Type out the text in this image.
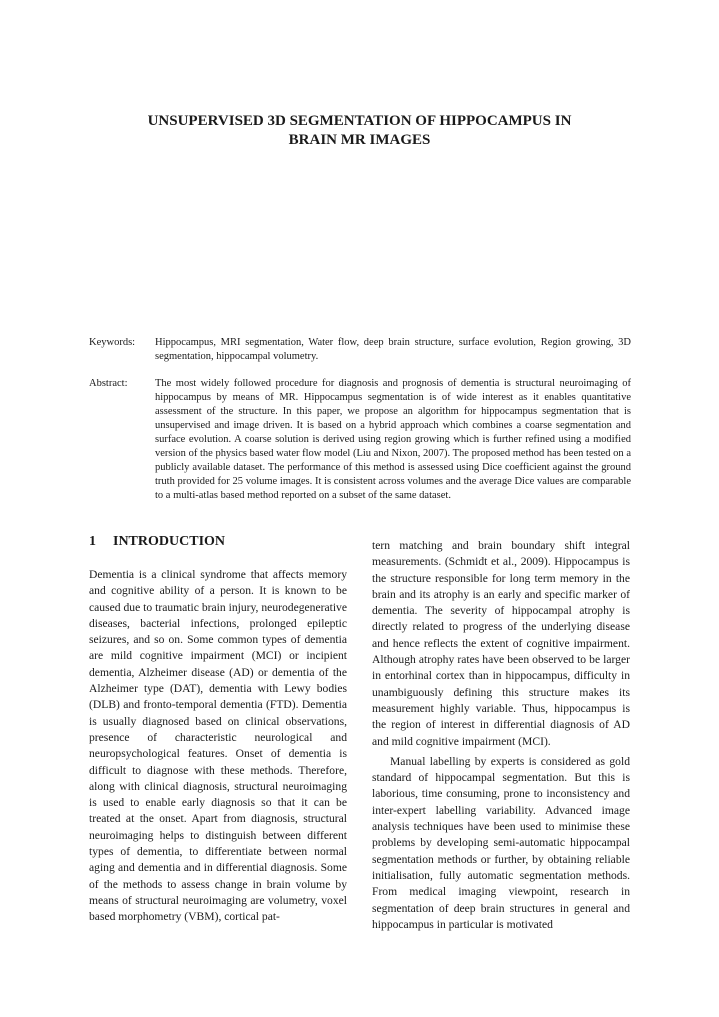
UNSUPERVISED 3D SEGMENTATION OF HIPPOCAMPUS IN
BRAIN MR IMAGES
Keywords: Hippocampus, MRI segmentation, Water flow, deep brain structure, surface evolution, Region growing, 3D segmentation, hippocampal volumetry.
Abstract:	The most widely followed procedure for diagnosis and prognosis of dementia is structural neuroimaging of hippocampus by means of MR. Hippocampus segmentation is of wide interest as it enables quantitative assessment of the structure. In this paper, we propose an algorithm for hippocampus segmentation that is unsupervised and image driven. It is based on a hybrid approach which combines a coarse segmentation and surface evolution. A coarse solution is derived using region growing which is further refined using a modified version of the physics based water flow model (Liu and Nixon, 2007). The proposed method has been tested on a publicly available dataset. The performance of this method is assessed using Dice coefficient against the ground truth provided for 25 volume images. It is consistent across volumes and the average Dice values are comparable to a multi-atlas based method reported on a subset of the same dataset.
1 INTRODUCTION

Dementia is a clinical syndrome that affects memory and cognitive ability of a person. It is known to be caused due to traumatic brain injury, neurodegenerative diseases, bacterial infections, prolonged epileptic seizures, and so on. Some common types of dementia are mild cognitive impairment (MCI) or incipient dementia, Alzheimer disease (AD) or dementia of the Alzheimer type (DAT), dementia with Lewy bodies (DLB) and fronto-temporal dementia (FTD). Dementia is usually diagnosed based on clinical observations, presence of characteristic neurological and neuropsychological features. Onset of dementia is difficult to diagnose with these methods. Therefore, along with clinical diagnosis, structural neuroimaging is used to enable early diagnosis so that it can be treated at the onset. Apart from diagnosis, structural neuroimaging helps to distinguish between different types of dementia, to differentiate between normal aging and dementia and in differential diagnosis. Some of the methods to assess change in brain volume by means of structural neuroimaging are volumetry, voxel based morphometry (VBM), cortical pat-

tern matching and brain boundary shift integral measurements. (Schmidt et al., 2009). Hippocampus is the structure responsible for long term memory in the brain and its atrophy is an early and specific marker of dementia. The severity of hippocampal atrophy is directly related to progress of the underlying disease and hence reflects the extent of cognitive impairment. Although atrophy rates have been observed to be larger in entorhinal cortex than in hippocampus, difficulty in unambiguously defining this structure makes its measurement highly variable. Thus, hippocampus is the region of interest in differential diagnosis of AD and mild cognitive impairment (MCI).

Manual labelling by experts is considered as gold standard of hippocampal segmentation. But this is laborious, time consuming, prone to inconsistency and inter-expert labelling variability. Advanced image analysis techniques have been used to minimise these problems by developing semi-automatic hippocampal segmentation methods or further, by obtaining reliable initialisation, fully automatic segmentation methods. From medical imaging viewpoint, research in segmentation of deep brain structures in general and hippocampus in particular is motivated
